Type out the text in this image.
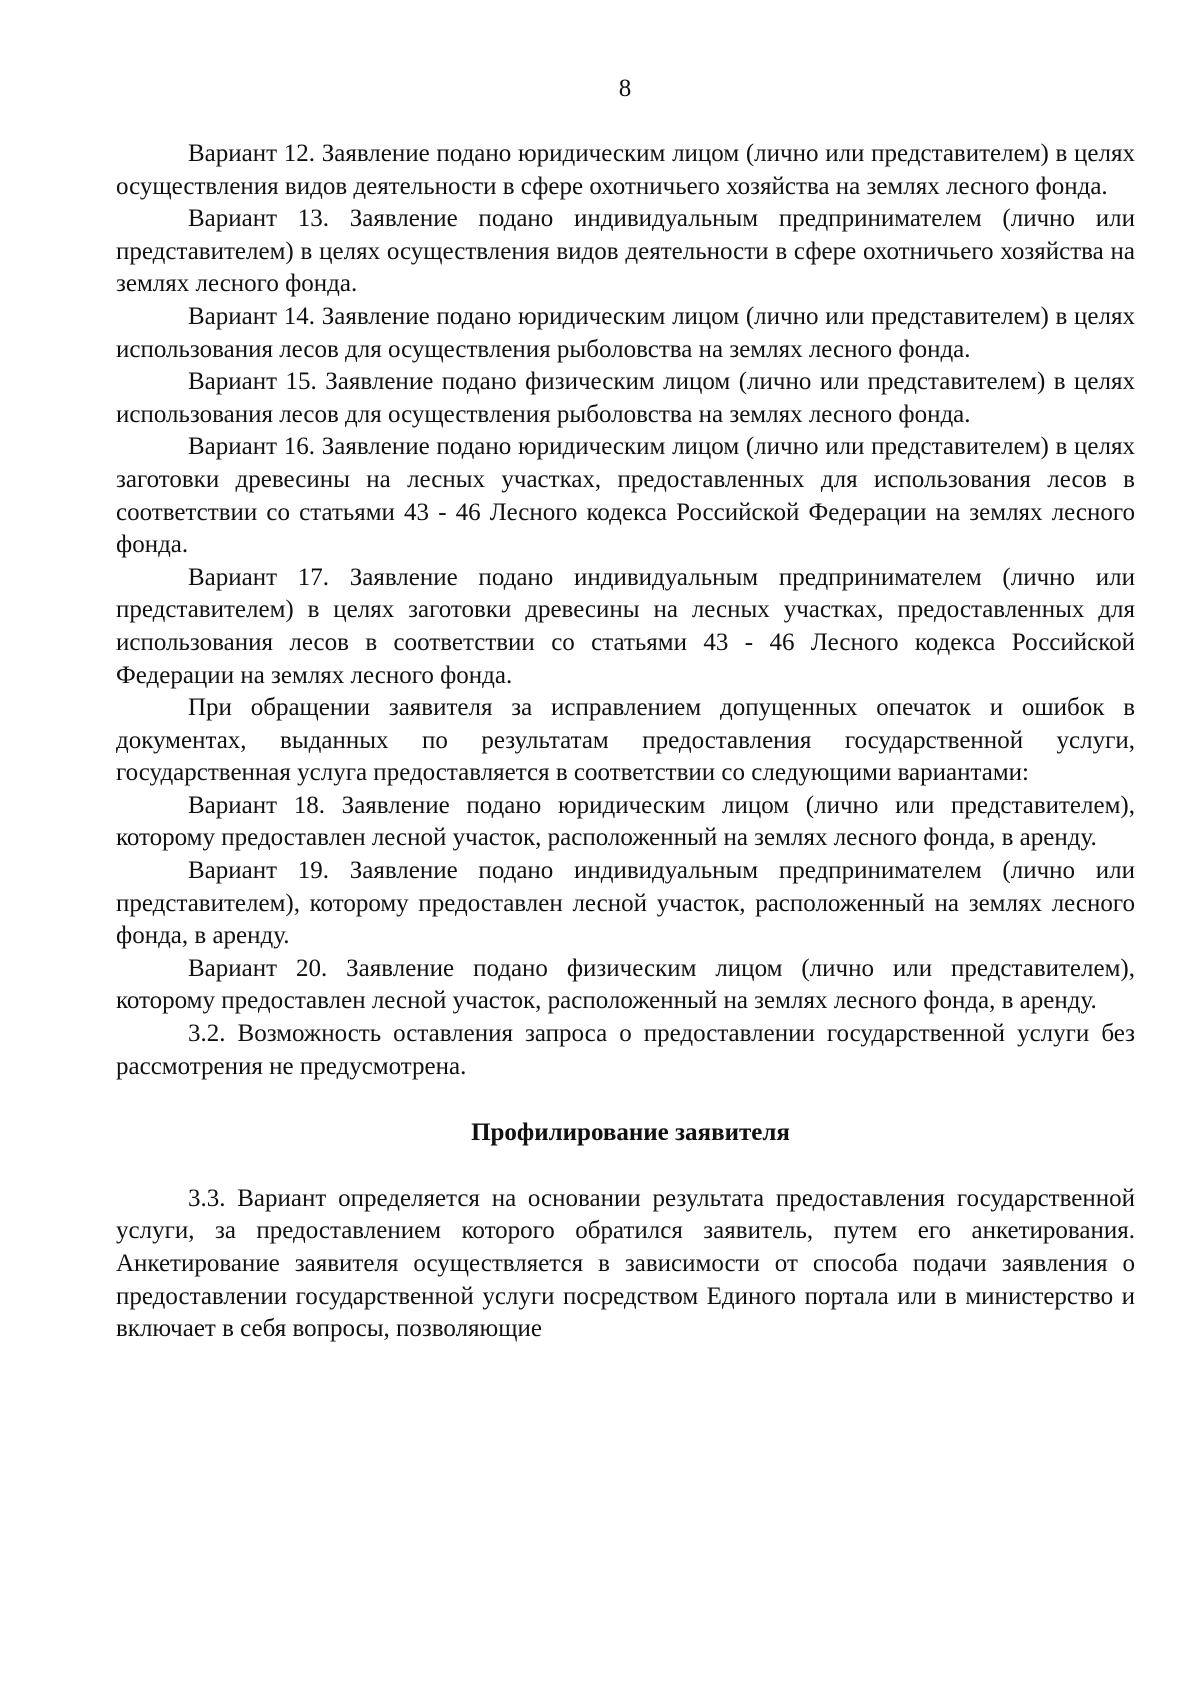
8

Вариант 12. Заявление подано юридическим лицом (лично или представителем) в целях осуществления видов деятельности в сфере охотничьего хозяйства на землях лесного фонда.

Вариант 13. Заявление подано индивидуальным предпринимателем (лично или представителем) в целях осуществления видов деятельности в сфере охотничьего хозяйства на землях лесного фонда.

Вариант 14. Заявление подано юридическим лицом (лично или представителем) в целях использования лесов для осуществления рыболовства на землях лесного фонда.

Вариант 15. Заявление подано физическим лицом (лично или представителем) в целях использования лесов для осуществления рыболовства на землях лесного фонда.

Вариант 16. Заявление подано юридическим лицом (лично или представителем) в целях заготовки древесины на лесных участках, предоставленных для использования лесов в соответствии со статьями 43 - 46 Лесного кодекса Российской Федерации на землях лесного фонда.

Вариант 17. Заявление подано индивидуальным предпринимателем (лично или представителем) в целях заготовки древесины на лесных участках, предоставленных для использования лесов в соответствии со статьями 43 - 46 Лесного кодекса Российской Федерации на землях лесного фонда.

При обращении заявителя за исправлением допущенных опечаток и ошибок в документах, выданных по результатам предоставления государственной услуги, государственная услуга предоставляется в соответствии со следующими вариантами:

Вариант 18. Заявление подано юридическим лицом (лично или представителем), которому предоставлен лесной участок, расположенный на землях лесного фонда, в аренду.

Вариант 19. Заявление подано индивидуальным предпринимателем (лично или представителем), которому предоставлен лесной участок, расположенный на землях лесного фонда, в аренду.

Вариант 20. Заявление подано физическим лицом (лично или представителем), которому предоставлен лесной участок, расположенный на землях лесного фонда, в аренду.

3.2. Возможность оставления запроса о предоставлении государственной услуги без рассмотрения не предусмотрена.

Профилирование заявителя

3.3. Вариант определяется на основании результата предоставления государственной услуги, за предоставлением которого обратился заявитель, путем его анкетирования. Анкетирование заявителя осуществляется в зависимости от способа подачи заявления о предоставлении государственной услуги посредством Единого портала или в министерство и включает в себя вопросы, позволяющие
